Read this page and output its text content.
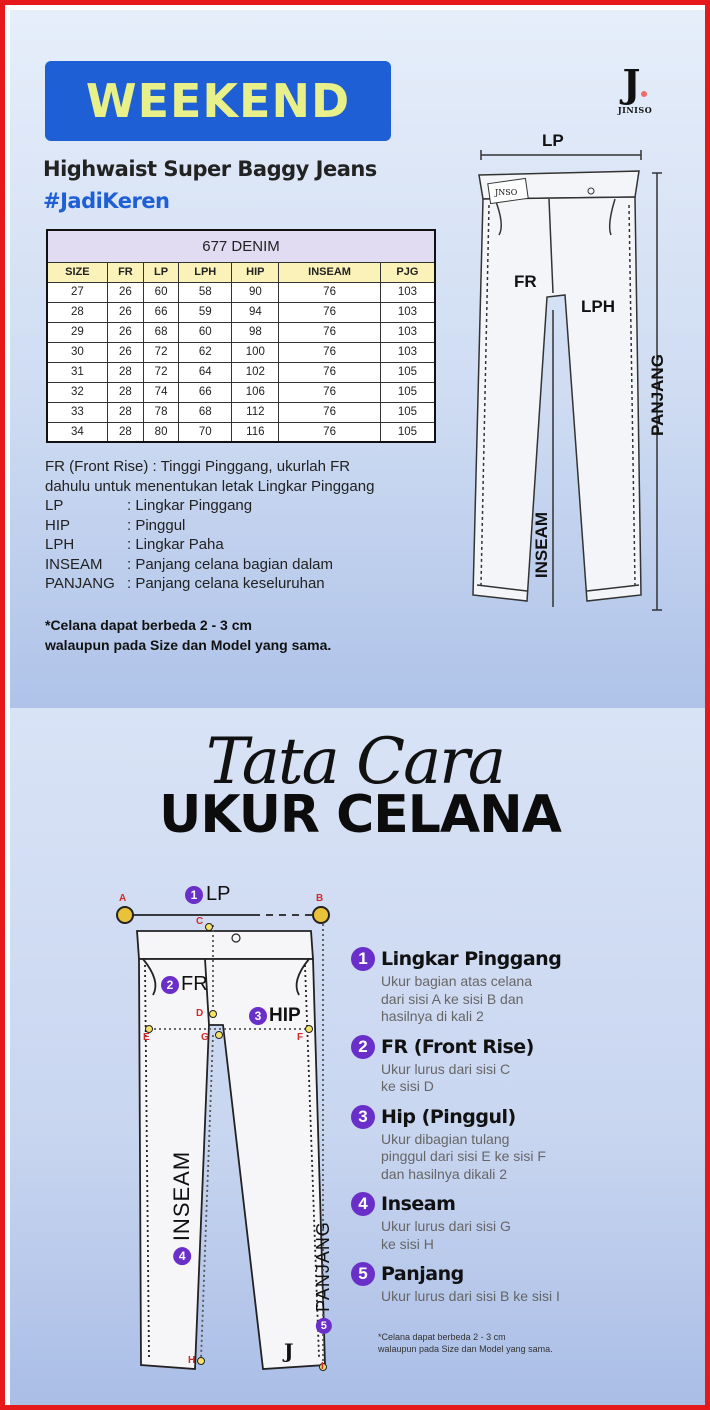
WEEKEND
Highwaist Super Baggy Jeans
#JadiKeren
J
JINISO
677 DENIM						
SIZE	FR	LP	LPH	HIP	INSEAM	PJG
27	26	60	58	90	76	103
28	26	66	59	94	76	103
29	26	68	60	98	76	103
30	26	72	62	100	76	103
31	28	72	64	102	76	105
32	28	74	66	106	76	105
33	28	78	68	112	76	105
34	28	80	70	116	76	105
FR (Front Rise) : Tinggi Pinggang, ukurlah FR
dahulu untuk menentukan letak Lingkar Pinggang
LP	: Lingkar Pinggang
HIP	: Pinggul
LPH	: Lingkar Paha
INSEAM	: Panjang celana bagian dalam
PANJANG : Panjang celana keseluruhan
*Celana dapat berbeda 2 - 3 cm
walaupun pada Size dan Model yang sama.
JNSO
LP
FR
LPH
PANJANG
INSEAM
Tata Cara
UKUR CELANA
A	B
C
D
E	F
G
H
I
1 LP
2 FR
3 HIP
4
INSEAM
5
PANJANG
J
1 Lingkar Pinggang
Ukur bagian atas celana
dari sisi A ke sisi B dan
hasilnya di kali 2
2 FR (Front Rise)
Ukur lurus dari sisi C
ke sisi D
3 Hip (Pinggul)
Ukur dibagian tulang
pinggul dari sisi E ke sisi F
dan hasilnya dikali 2
4 Inseam
Ukur lurus dari sisi G
ke sisi H
5 Panjang
Ukur lurus dari sisi B ke sisi I
*Celana dapat berbeda 2 - 3 cm
walaupun pada Size dan Model yang sama.
